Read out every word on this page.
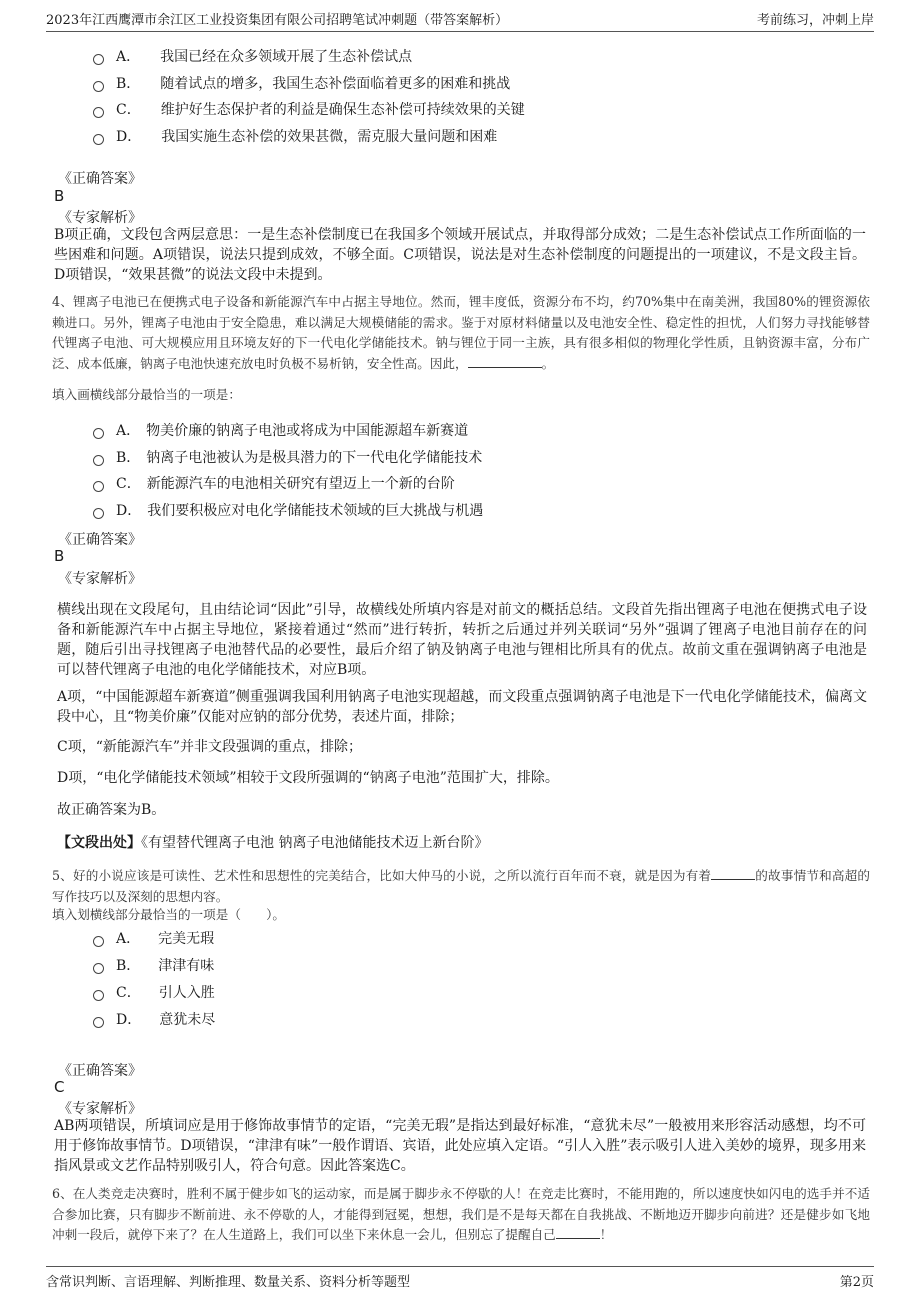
2023年江西鹰潭市余江区工业投资集团有限公司招聘笔试冲刺题（带答案解析）	考前练习，冲刺上岸
A． 我国已经在众多领域开展了生态补偿试点
B． 随着试点的增多，我国生态补偿面临着更多的困难和挑战
C． 维护好生态保护者的利益是确保生态补偿可持续效果的关键
D． 我国实施生态补偿的效果甚微，需克服大量问题和困难
《正确答案》
B
《专家解析》
B项正确，文段包含两层意思：一是生态补偿制度已在我国多个领域开展试点，并取得部分成效；二是生态补偿试点工作所面临的一些困难和问题。A项错误，说法只提到成效，不够全面。C项错误，说法是对生态补偿制度的问题提出的一项建议，不是文段主旨。D项错误，“效果甚微”的说法文段中未提到。
4、锂离子电池已在便携式电子设备和新能源汽车中占据主导地位。然而，锂丰度低，资源分布不均，约70%集中在南美洲，我国80%的锂资源依赖进口。另外，锂离子电池由于安全隐患，难以满足大规模储能的需求。鉴于对原材料储量以及电池安全性、稳定性的担忧，人们努力寻找能够替代锂离子电池、可大规模应用且环境友好的下一代电化学储能技术。钠与锂位于同一主族，具有很多相似的物理化学性质，且钠资源丰富，分布广泛、成本低廉，钠离子电池快速充放电时负极不易析钠，安全性高。因此，	。
填入画横线部分最恰当的一项是：
A． 物美价廉的钠离子电池或将成为中国能源超车新赛道
B． 钠离子电池被认为是极具潜力的下一代电化学储能技术
C． 新能源汽车的电池相关研究有望迈上一个新的台阶
D． 我们要积极应对电化学储能技术领域的巨大挑战与机遇
《正确答案》
B
《专家解析》
横线出现在文段尾句，且由结论词“因此”引导，故横线处所填内容是对前文的概括总结。文段首先指出锂离子电池在便携式电子设备和新能源汽车中占据主导地位，紧接着通过“然而”进行转折，转折之后通过并列关联词“另外”强调了锂离子电池目前存在的问题，随后引出寻找锂离子电池替代品的必要性，最后介绍了钠及钠离子电池与锂相比所具有的优点。故前文重在强调钠离子电池是可以替代锂离子电池的电化学储能技术，对应B项。
A项，“中国能源超车新赛道”侧重强调我国利用钠离子电池实现超越，而文段重点强调钠离子电池是下一代电化学储能技术，偏离文段中心，且“物美价廉”仅能对应钠的部分优势，表述片面，排除；
C项，“新能源汽车”并非文段强调的重点，排除；
D项，“电化学储能技术领域”相较于文段所强调的“钠离子电池”范围扩大，排除。
故正确答案为B。
【文段出处】《有望替代锂离子电池 钠离子电池储能技术迈上新台阶》
5、好的小说应该是可读性、艺术性和思想性的完美结合，比如大仲马的小说，之所以流行百年而不衰，就是因为有着	的故事情节和高超的写作技巧以及深刻的思想内容。
填入划横线部分最恰当的一项是（　　）。
A． 完美无瑕
B． 津津有味
C． 引人入胜
D． 意犹未尽
《正确答案》
C
《专家解析》
AB两项错误，所填词应是用于修饰故事情节的定语，“完美无瑕”是指达到最好标准，“意犹未尽”一般被用来形容活动感想，均不可用于修饰故事情节。D项错误，“津津有味”一般作谓语、宾语，此处应填入定语。“引人入胜”表示吸引人进入美妙的境界，现多用来指风景或文艺作品特别吸引人，符合句意。因此答案选C。
6、在人类竞走决赛时，胜利不属于健步如飞的运动家，而是属于脚步永不停歇的人！在竞走比赛时，不能用跑的，所以速度快如闪电的选手并不适合参加比赛，只有脚步不断前进、永不停歇的人，才能得到冠冕，想想，我们是不是每天都在自我挑战、不断地迈开脚步向前进？还是健步如飞地冲刺一段后，就停下来了？在人生道路上，我们可以坐下来休息一会儿，但别忘了提醒自己	！
含常识判断、言语理解、判断推理、数量关系、资料分析等题型	第2页
